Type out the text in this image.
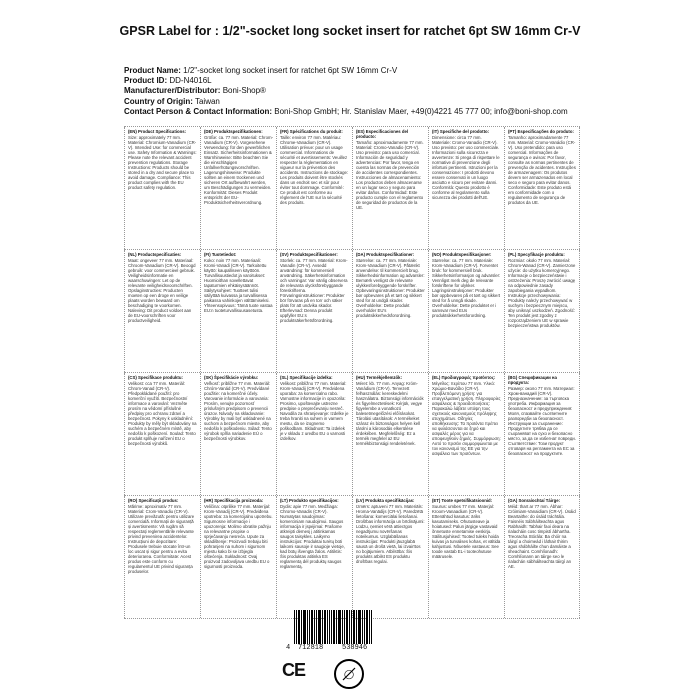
GPSR Label for : 1/2"-socket long socket insert for ratchet 6pt SW 16mm Cr-V
Product Name: 1/2"-socket long socket insert for ratchet 6pt SW 16mm Cr-V
Product ID: DD-N4016L
Manufacturer/Distributor: Boni-Shop®
Country of Origin: Taiwan
Contact Person & Contact Information: Boni-Shop GmbH; Hr. Stanislav Maer, +49(0)4221 45 777 00; info@boni-shop.com
(EN) Product Specifications:
Size: approximately 77 mm. Material: Chromium-Vanadium (CR-V). Intended Use: for commercial use. Safety Information & Warnings: Please note the relevant accident prevention regulations. Storage Instructions: Products should be stored in a dry and secure place to avoid damage. Compliance: This product complies with the EU product safety regulation.
(DE) Produktspezifikationen:
Größe: ca. 77 mm. Material: Chrom-Vanadium (CR-V). Vorgesehene Verwendung: für den gewerblichen Einsatz. Sicherheitsinformationen & Warnhinweise: Bitte beachten Sie die einschlägigen Unfallverhütungsvorschriften. Lagerungshinweise: Produkte sollten an einem trockenen und sicheren Ort aufbewahrt werden, um Beschädigungen zu vermeiden. Konformität: Dieses Produkt entspricht der EU-Produktsicherheitsverordnung.
(FR) Spécifications du produit:
Taille: environ 77 mm. Matériau: Chrome-Vanadium (CR-V). Utilisation prévue: pour un usage commercial. Informations de sécurité et avertissements: Veuillez respecter la réglementation en vigueur sur la prévention des accidents. Instructions de stockage: Les produits doivent être stockés dans un endroit sec et sûr pour éviter tout dommage. Conformité: Ce produit est conforme au règlement de l'UE sur la sécurité des produits.
(ES) Especificaciones del producto:
Tamaño: aproximadamente 77 mm. Material: Cromo-Vanadio (CR-V). Uso previsto: para uso comercial. Información de seguridad y advertencias: Por favor, tenga en cuenta las normas de prevención de accidentes correspondientes. Instrucciones de almacenamiento: Los productos deben almacenarse en un lugar seco y seguro para evitar daños. Conformidad: Este producto cumple con el reglamento de seguridad de productos de la UE.
(IT) Specifiche del prodotto:
Dimensione: circa 77 mm. Materiale: Cromo-Vanadio (CR-V). Uso previsto: per uso commerciale. Informazioni sulla sicurezza e avvertenze: Si prega di rispettare le normative di prevenzione degli infortuni pertinenti. Istruzioni per la conservazione: I prodotti devono essere conservati in un luogo asciutto e sicuro per evitare danni. Conformità: Questo prodotto è conforme al regolamento sulla sicurezza dei prodotti dell'UE.
(PT) Especificações do produto:
Tamanho: aproximadamente 77 mm. Material: Cromo-Vanádio (CR-V). Uso pretendido: para uso comercial. Informações de segurança e avisos: Por favor, consulte as normas pertinentes de prevenção de acidentes. Instruções de armazenagem: Os produtos devem ser armazenados em local seco e seguro para evitar danos. Conformidade: Este produto está em conformidade com o regulamento de segurança de produtos da UE.
(NL) Productspecificaties:
Maat: ongeveer 77 mm. Materiaal: Chroom-Vanadium (CR-V). Beoogd gebruik: voor commercieel gebruik. Veiligheidsinformatie en waarschuwingen: Let op de relevante veiligheidsvoorschriften. Opslaginstructies: Producten moeten op een droge en veilige plaats worden bewaard om beschadiging te voorkomen. Naleving: Dit product voldoet aan de EU-voorschriften voor productveiligheid.
(FI) Tuotetiedot:
Koko: noin 77 mm. Materiaali: Kromi-Vanadi (CR-V). Tarkoitettu käyttö: kaupalliseen käyttöön. Turvallisuustiedot ja varoitukset: Huomioithan sovellettavat tapaturmien ehkäisysäännöt. Säilytysohjeet: Tuotteet tulisi säilyttää kuivassa ja turvallisessa paikassa vahinkojen välttämiseksi. Yhteensopivuus: Tämä tuote vastaa EU:n tuoteturvallisuusasetusta.
(SV) Produktspecifikationer:
Storlek: ca. 77 mm. Material: Krom-Vanadin (CR-V). Avsedd användning: för kommersiell användning. Säkerhetsinformation och varningar: Var vänlig observera de relevanta olycksförebyggande föreskrifterna. Förvaringsinstruktioner: Produkter bör förvaras på en torr och säker plats för att undvika skador. Efterlevnad: Denna produkt uppfyller EU:s produktsäkerhetsförordning.
(DA) Produktspecifikationer:
Størrelse: ca. 77 mm. Materiale: Krom-Vanadium (CR-V). Påtænkt anvendelse: til kommercielt brug. Sikkerhedsinformation og advarsler: Bemærk venligst de relevante ulykkesforebyggende forskrifter. Opbevaringsinstruktioner: Produkter bør opbevares på et tørt og sikkert sted for at undgå skader. Overholdelse: Dette produkt overholder EU's produktsikkerhedsforordning.
(NO) Produktspesifikasjoner:
Størrelse: ca. 77 mm. Materiale: Krom-Vanadium (CR-V). Forventet bruk: for kommersiell bruk. Sikkerhetsinformasjon og advarsler: Vennligst merk deg de relevante forskriftene for ulykker. Lagringsinstruksjoner: Produkter bør oppbevares på et tørt og sikkert sted for å unngå skade. Overholdelse: Dette produktet er i samsvar med EUs produktsikkerhetsforordning.
(PL) Specyfikacje produktu:
Rozmiar: około 77 mm. Materiał: Chrom-Wanad (CR-V). Zamierzone użycie: do użytku komercyjnego. Informacje o bezpieczeństwie i ostrzeżenia: Proszę zwrócić uwagę na odpowiednie zasady zapobiegania wypadkom. Instrukcje przechowywania: Produkty należy przechowywać w suchym i bezpiecznym miejscu, aby uniknąć uszkodzeń. Zgodność: Ten produkt jest zgodny z rozporządzeniem UE w sprawie bezpieczeństwa produktów.
(CS) Specifikace produktu:
Velikost: cca 77 mm. Materiál: Chrom-Vanad (CR-V). Předpokládané použití: pro komerční využití. Bezpečnostní informace a varování: Vezměte prosím na vědomí příslušné předpisy pro ochranu zdraví a bezpečnost. Pokyny k uskladnění: Produkty by měly být skladovány na suchém a bezpečném místě, aby nedošlo k poškození. Soulad: Tento produkt splňuje nařízení EU o bezpečnosti výrobků.
(SK) Špecifikácie výrobku:
Veľkosť: približne 77 mm. Materiál: Chróm-Vanád (CR-V). Predvídané použitie: na komerčné účely. Varovanie informácie a varovania: Prosím, venujte pozornosť príslušným predpisom o prevencii úrazov. Návody na skladovanie: Výrobky by mali byť uskladnené na suchom a bezpečnom mieste, aby nedošlo k poškodeniu. Súlad: Tento výrobok spĺňa nariadenie EÚ o bezpečnosti výrobkov.
(SL) Specifikacije izdelka:
Velikost: približno 77 mm. Material: Krom-Vanadij (CR-V). Predvidena uporaba: za komercialno rabo. Varnostne informacije in opozorila: Prosimo, upoštevajte ustrezne predpise o preprečevanju nesreč. Navodila za shranjevanje: Izdelke je treba hraniti na suhem in varnem mestu, da se izognemo poškodbam. Skladnost: Ta izdelek je v skladu z uredbo EU o varnosti izdelkov.
(HU) Termékjellemzők:
Méret: kb. 77 mm. Anyag: Króm-Vanádium (CR-V). Tervezett felhasználás: kereskedelmi használatra. Biztonsági információk és figyelmeztetések: Kérjük, vegye figyelembe a vonatkozó balesetmegelőzési előírásokat. Tárolási utasítások: A termékeket száraz és biztonságos helyen kell tárolni a károsodás elkerülése érdekében. Megfelelőség: Ez a termék megfelel az EU termékbiztonsági rendeletének.
(EL) Προδιαγραφές προϊόντος:
Μέγεθος: περίπου 77 mm. Υλικό: Χρώμιο-Βανάδιο (CR-V). Προβλεπόμενη χρήση: για επαγγελματική χρήση. Πληροφορίες ασφάλειας & προειδοποιήσεις: Παρακαλώ λάβετε υπόψη τους σχετικούς κανονισμούς πρόληψης ατυχημάτων. Οδηγίες αποθήκευσης: Τα προϊόντα πρέπει να φυλάσσονται σε ξηρό και ασφαλές μέρος για να αποφευχθούν ζημιές. Συμμόρφωση: Αυτό το προϊόν συμμορφώνεται με τον κανονισμό της ΕΕ για την ασφάλεια των προϊόντων.
(BG) Спецификации на продукта:
Размер: около 77 mm. Материал: Хром-ванадий (CR-V). Предназначение: за търговска употреба. Информация за безопасност и предупреждения: Моля, спазвайте съответните разпоредби за безопасност. Инструкции за съхранение: Продуктите трябва да се съхраняват на сухо и безопасно място, за да се избегнат повреди. Съответствие: Този продукт отговаря на регламента на ЕС за безопасност на продуктите.
(RO) Specificații produs:
Mărime: aproximativ 77 mm. Material: Crom-Vanadiu (CR-V). Utilizare prevăzută: pentru utilizare comercială. Informații de siguranță și avertismente: Vă rugăm să respectați reglementările relevante privind prevenirea accidentelor. Instrucțiuni de depozitare: Produsele trebuie stocate într-un loc uscat și sigur pentru a evita deteriorarea. Conformitate: Acest produs este conform cu regulamentul UE privind siguranța produselor.
(HR) Specifikacija proizvoda:
Veličina: otprilike 77 mm. Materijal: Krom-Vanadij (CR-V). Predviđena upotreba: za komercijalnu upotrebu. Sigurnosne informacije i upozorenja: Molimo obratite pažnju na relevantne propise o sprječavanju nesreća. Upute za skladištenje: Proizvodi trebaju biti pohranjeni na suhom i sigurnom mjestu kako bi se izbjegla oštećenja. Sukladnost: Ovaj proizvod zadovoljava uredbu EU o sigurnosti proizvoda.
(LT) Produkto specifikacijos:
Dydis: apie 77 mm. Medžiaga: Chromo-Vanadis (CR-V). Numatytas naudojimas: komerciniam naudojimui. Saugos informacija ir įspėjimai: Prašome atkreipti dėmesį į atitinkamas saugos taisykles. Laikymo instrukcijos: Produktai turėtų būti laikomi sausoje ir saugioje vietoje, kad būtų išvengta žalos. Atitiktis: Šis produktas atitinka ES reglamentą dėl produktų saugos reglamentą.
(LV) Produkta specifikācijas:
Izmērs: aptuveni 77 mm. Materiāls: Hroma-Vanādijs (CR-V). Paredzētā lietošana: komerciālai lietošanai. Drošības informācija un brīdinājumi: Lūdzu, ņemiet vērā attiecīgos negadījumu novēršanas noteikumus. Uzglabāšanas instrukcijas: Produkti jāuzglabā sausā un drošā vietā, lai izvairītos no bojājumiem. Atbilstība: Šis produkts atbilst ES produktu drošības regulai.
(ET) Toote spetsifikatsioonid:
Suurus: umbes 77 mm. Materjal: Kroom-Vanaadium (CR-V). Ettenähtud kasutus: äriks kasutamiseks. Ohutusteave ja hoiatused: Palun järgige vastavaid õnnetuste ennetamise eeskirju. Säilitusjuhised: Tooted tuleks hoida kuivas ja turvalises kohas, et vältida kahjustusi. Nõuetele vastavus: See toode vastab EL-i tooteohutuse määrusele.
(GA) Sonraíochtaí Táirge:
Méid: thart ar 77 mm. Ábhar: Cróimiam-Vanaidiam (CR-V). Úsáid Beartaithe: do úsáid tráchtála. Faisnéis Sábháilteachta agus Rabhaidh: Tabhair faoi deara na rialacháin cosc timpistí ábhartha. Treoracha Stórála: Ba chóir na táirgí a choimeád i láthair thirim agus shábháilte chun damáiste a sheachaint. Comhlíonadh: Comhlíonann an táirge seo le rialachán sábháilteachta táirgí an AE.
4 712818	538946
CE	◯
